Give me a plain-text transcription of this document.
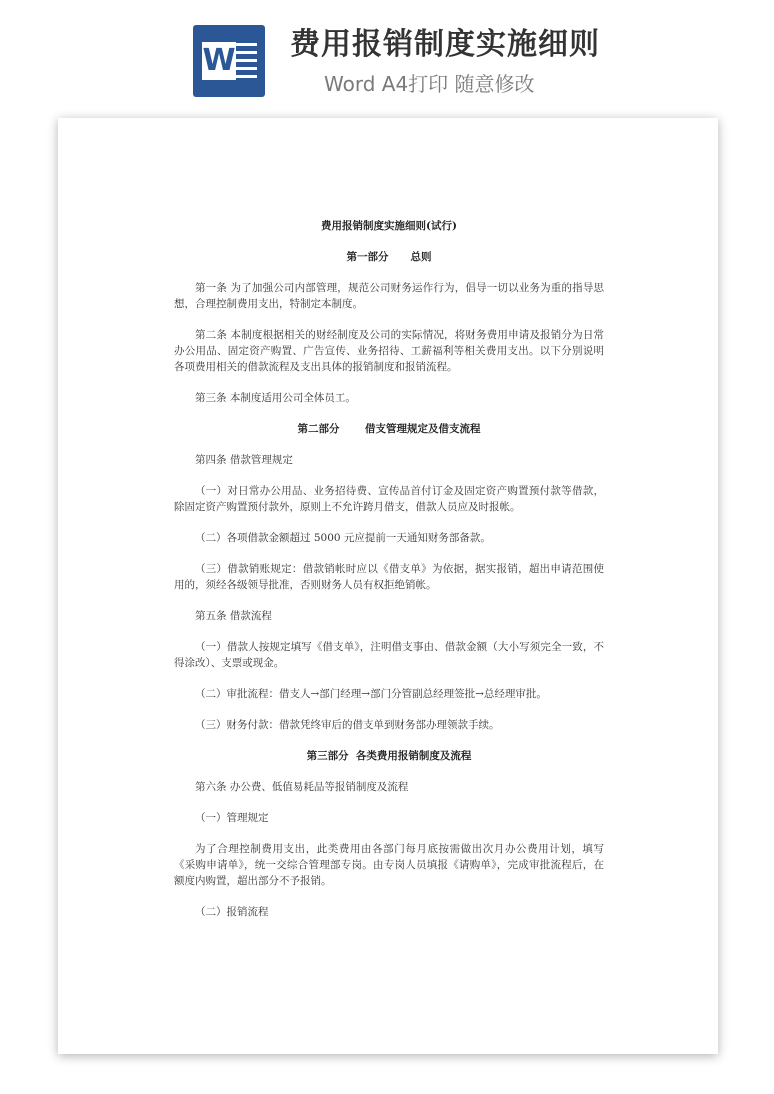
W 费用报销制度实施细则
Word A4打印 随意修改
费用报销制度实施细则(试行)
第一部分      总则

第一条 为了加强公司内部管理，规范公司财务运作行为，倡导一切以业务为重的指导思想，合理控制费用支出，特制定本制度。

第二条 本制度根据相关的财经制度及公司的实际情况，将财务费用申请及报销分为日常办公用品、固定资产购置、广告宣传、业务招待、工薪福利等相关费用支出。以下分别说明各项费用相关的借款流程及支出具体的报销制度和报销流程。

第三条 本制度适用公司全体员工。

第二部分       借支管理规定及借支流程

第四条 借款管理规定

（一）对日常办公用品、业务招待费、宣传品首付订金及固定资产购置预付款等借款，除固定资产购置预付款外，原则上不允许跨月借支，借款人员应及时报帐。

（二）各项借款金额超过 5000 元应提前一天通知财务部备款。

（三）借款销账规定：借款销帐时应以《借支单》为依据，据实报销，超出申请范围使用的，须经各级领导批准，否则财务人员有权拒绝销帐。

第五条 借款流程

（一）借款人按规定填写《借支单》，注明借支事由、借款金额（大小写须完全一致，不得涂改）、支票或现金。

（二）审批流程：借支人→部门经理→部门分管副总经理签批→总经理审批。

（三）财务付款：借款凭终审后的借支单到财务部办理领款手续。

第三部分  各类费用报销制度及流程

第六条 办公费、低值易耗品等报销制度及流程

（一）管理规定

为了合理控制费用支出，此类费用由各部门每月底按需做出次月办公费用计划，填写《采购申请单》，统一交综合管理部专岗。由专岗人员填报《请购单》，完成审批流程后，在额度内购置，超出部分不予报销。

（二）报销流程
